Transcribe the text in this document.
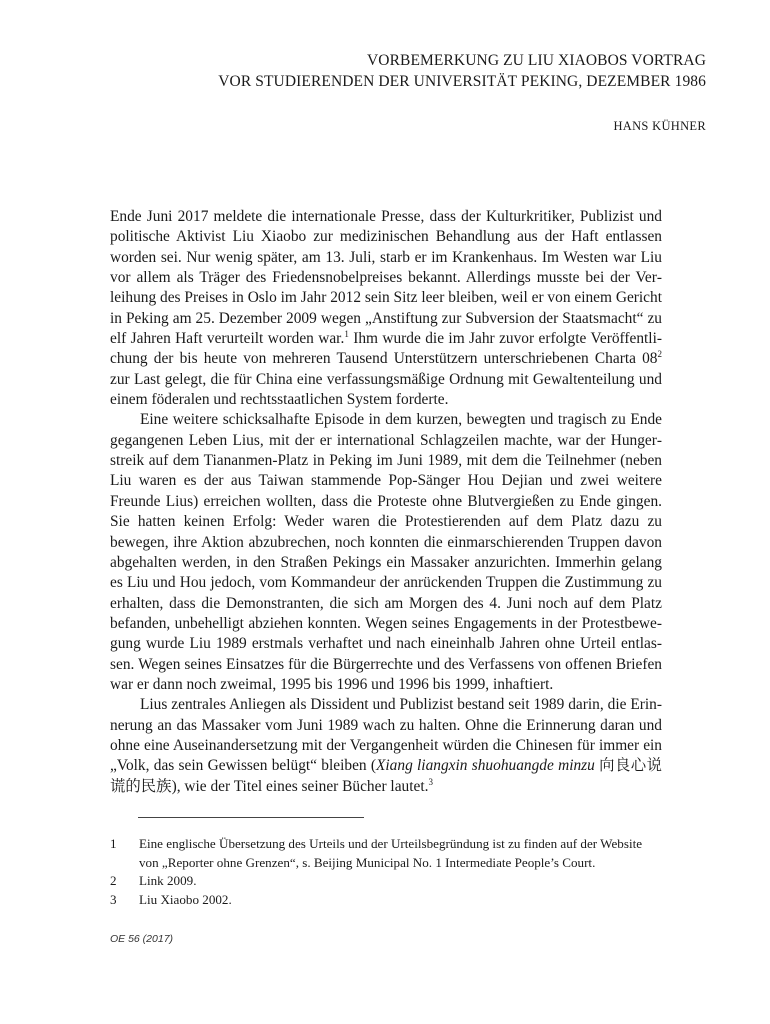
VORBEMERKUNG ZU LIU XIAOBOS VORTRAG
VOR STUDIERENDEN DER UNIVERSITÄT PEKING, DEZEMBER 1986
HANS KÜHNER

Ende Juni 2017 meldete die internationale Presse, dass der Kulturkritiker, Publizist und politische Aktivist Liu Xiaobo zur medizinischen Behandlung aus der Haft entlassen worden sei. Nur wenig später, am 13. Juli, starb er im Krankenhaus. Im Westen war Liu vor allem als Träger des Friedensnobelpreises bekannt. Allerdings musste bei der Verleihung des Preises in Oslo im Jahr 2012 sein Sitz leer bleiben, weil er von einem Gericht in Peking am 25. Dezember 2009 wegen „Anstiftung zur Subversion der Staatsmacht“ zu elf Jahren Haft verurteilt worden war.$^1$ Ihm wurde die im Jahr zuvor erfolgte Veröffentlichung der bis heute von mehreren Tausend Unterstützern unterschriebenen Charta $08^2$ zur Last gelegt, die für China eine verfassungsmäßige Ordnung mit Gewaltenteilung und einem föderalen und rechtsstaatlichen System forderte.

Eine weitere schicksalhafte Episode in dem kurzen, bewegten und tragisch zu Ende gegangenen Leben Lius, mit der er international Schlagzeilen machte, war der Hungerstreik auf dem Tiananmen-Platz in Peking im Juni 1989, mit dem die Teilnehmer (neben Liu waren es der aus Taiwan stammende Pop-Sänger Hou Dejian und zwei weitere Freunde Lius) erreichen wollten, dass die Proteste ohne Blutvergießen zu Ende gingen. Sie hatten keinen Erfolg: Weder waren die Protestierenden auf dem Platz dazu zu bewegen, ihre Aktion abzubrechen, noch konnten die einmarschierenden Truppen davon abgehalten werden, in den Straßen Pekings ein Massaker anzurichten. Immerhin gelang es Liu und Hou jedoch, vom Kommandeur der anrückenden Truppen die Zustimmung zu erhalten, dass die Demonstranten, die sich am Morgen des 4. Juni noch auf dem Platz befanden, unbehelligt abziehen konnten. Wegen seines Engagements in der Protestbewegung wurde Liu 1989 erstmals verhaftet und nach eineinhalb Jahren ohne Urteil entlassen. Wegen seines Einsatzes für die Bürgerrechte und des Verfassens von offenen Briefen war er dann noch zweimal, 1995 bis 1996 und 1996 bis 1999, inhaftiert.

Lius zentrales Anliegen als Dissident und Publizist bestand seit 1989 darin, die Erinnerung an das Massaker vom Juni 1989 wach zu halten. Ohne die Erinnerung daran und ohne eine Auseinandersetzung mit der Vergangenheit würden die Chinesen für immer ein „Volk, das sein Gewissen belügt“ bleiben (Xiang liangxin shuohuangde minzu 向良心说谎的民族), wie der Titel eines seiner Bücher lautet.$^3$

1	Eine englische Übersetzung des Urteils und der Urteilsbegründung ist zu finden auf der Website von „Reporter ohne Grenzen“, s. Beijing Municipal No. 1 Intermediate People’s Court.
2	Link 2009.
3	Liu Xiaobo 2002.
OE 56 (2017)
